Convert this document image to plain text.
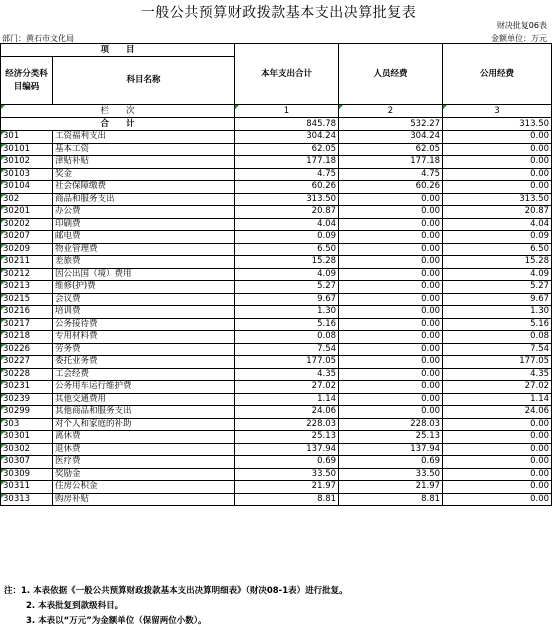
一般公共预算财政拨款基本支出决算批复表
财决批复06表
部门：黄石市文化局	金额单位：万元
项　　目		本年支出合计	人员经费	公用经费
经济分类科目编码	科目名称			
栏　　次		1	2	3
合　　计		845.78	532.27	313.50
301	工资福利支出	304.24	304.24	0.00
30101	基本工资	62.05	62.05	0.00
30102	津贴补贴	177.18	177.18	0.00
30103	奖金	4.75	4.75	0.00
30104	社会保障缴费	60.26	60.26	0.00
302	商品和服务支出	313.50	0.00	313.50
30201	办公费	20.87	0.00	20.87
30202	印刷费	4.04	0.00	4.04
30207	邮电费	0.09	0.00	0.09
30209	物业管理费	6.50	0.00	6.50
30211	差旅费	15.28	0.00	15.28
30212	因公出国（境）费用	4.09	0.00	4.09
30213	维修(护)费	5.27	0.00	5.27
30215	会议费	9.67	0.00	9.67
30216	培训费	1.30	0.00	1.30
30217	公务接待费	5.16	0.00	5.16
30218	专用材料费	0.08	0.00	0.08
30226	劳务费	7.54	0.00	7.54
30227	委托业务费	177.05	0.00	177.05
30228	工会经费	4.35	0.00	4.35
30231	公务用车运行维护费	27.02	0.00	27.02
30239	其他交通费用	1.14	0.00	1.14
30299	其他商品和服务支出	24.06	0.00	24.06
303	对个人和家庭的补助	228.03	228.03	0.00
30301	离休费	25.13	25.13	0.00
30302	退休费	137.94	137.94	0.00
30307	医疗费	0.69	0.69	0.00
30309	奖励金	33.50	33.50	0.00
30311	住房公积金	21.97	21.97	0.00
30313	购房补贴	8.81	8.81	0.00
注：1. 本表依据《一般公共预算财政拨款基本支出决算明细表》（财决08-1表）进行批复。
2. 本表批复到款级科目。
3. 本表以“万元”为金额单位（保留两位小数）。
